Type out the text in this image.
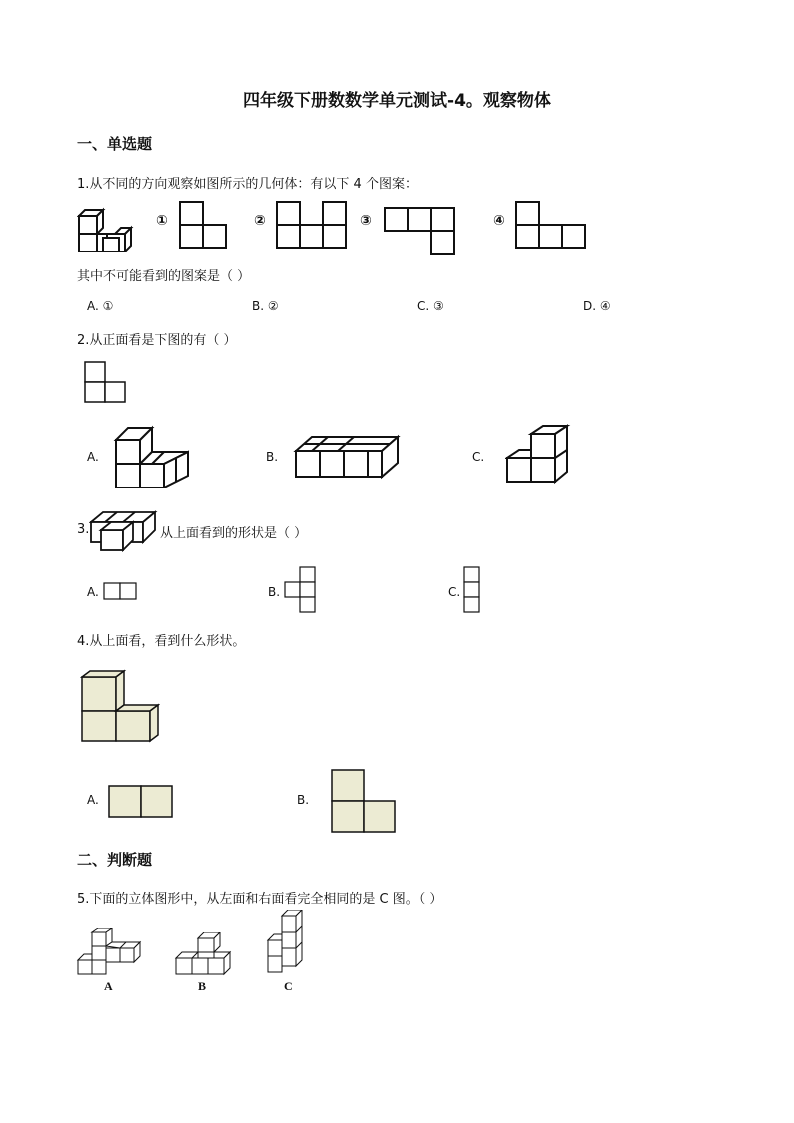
四年级下册数数学单元测试-4。观察物体
一、单选题
1.从不同的方向观察如图所示的几何体：有以下 4 个图案：
①	②	③	④
其中不可能看到的图案是（ ）
A. ①	B. ②	C. ③	D. ④
2.从正面看是下图的有（ ）
A.	B.	C.
3.	从上面看到的形状是（ ）
A.	B.	C.
4.从上面看，看到什么形状。
A.	B.
二、判断题
5.下面的立体图形中，从左面和右面看完全相同的是 C 图。（ ）
A	B	C
